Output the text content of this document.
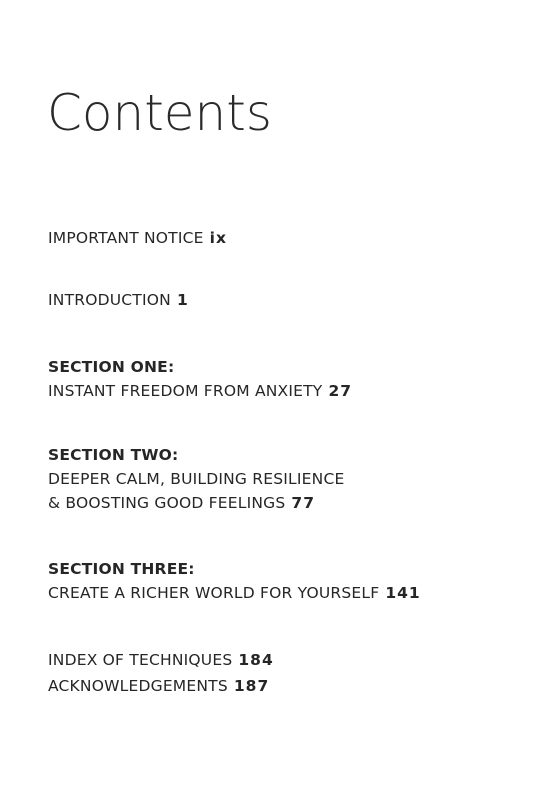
Contents
IMPORTANT NOTICE ix
INTRODUCTION 1
SECTION ONE:
INSTANT FREEDOM FROM ANXIETY 27
SECTION TWO:
DEEPER CALM, BUILDING RESILIENCE
& BOOSTING GOOD FEELINGS 77
SECTION THREE:
CREATE A RICHER WORLD FOR YOURSELF 141
INDEX OF TECHNIQUES 184
ACKNOWLEDGEMENTS 187
